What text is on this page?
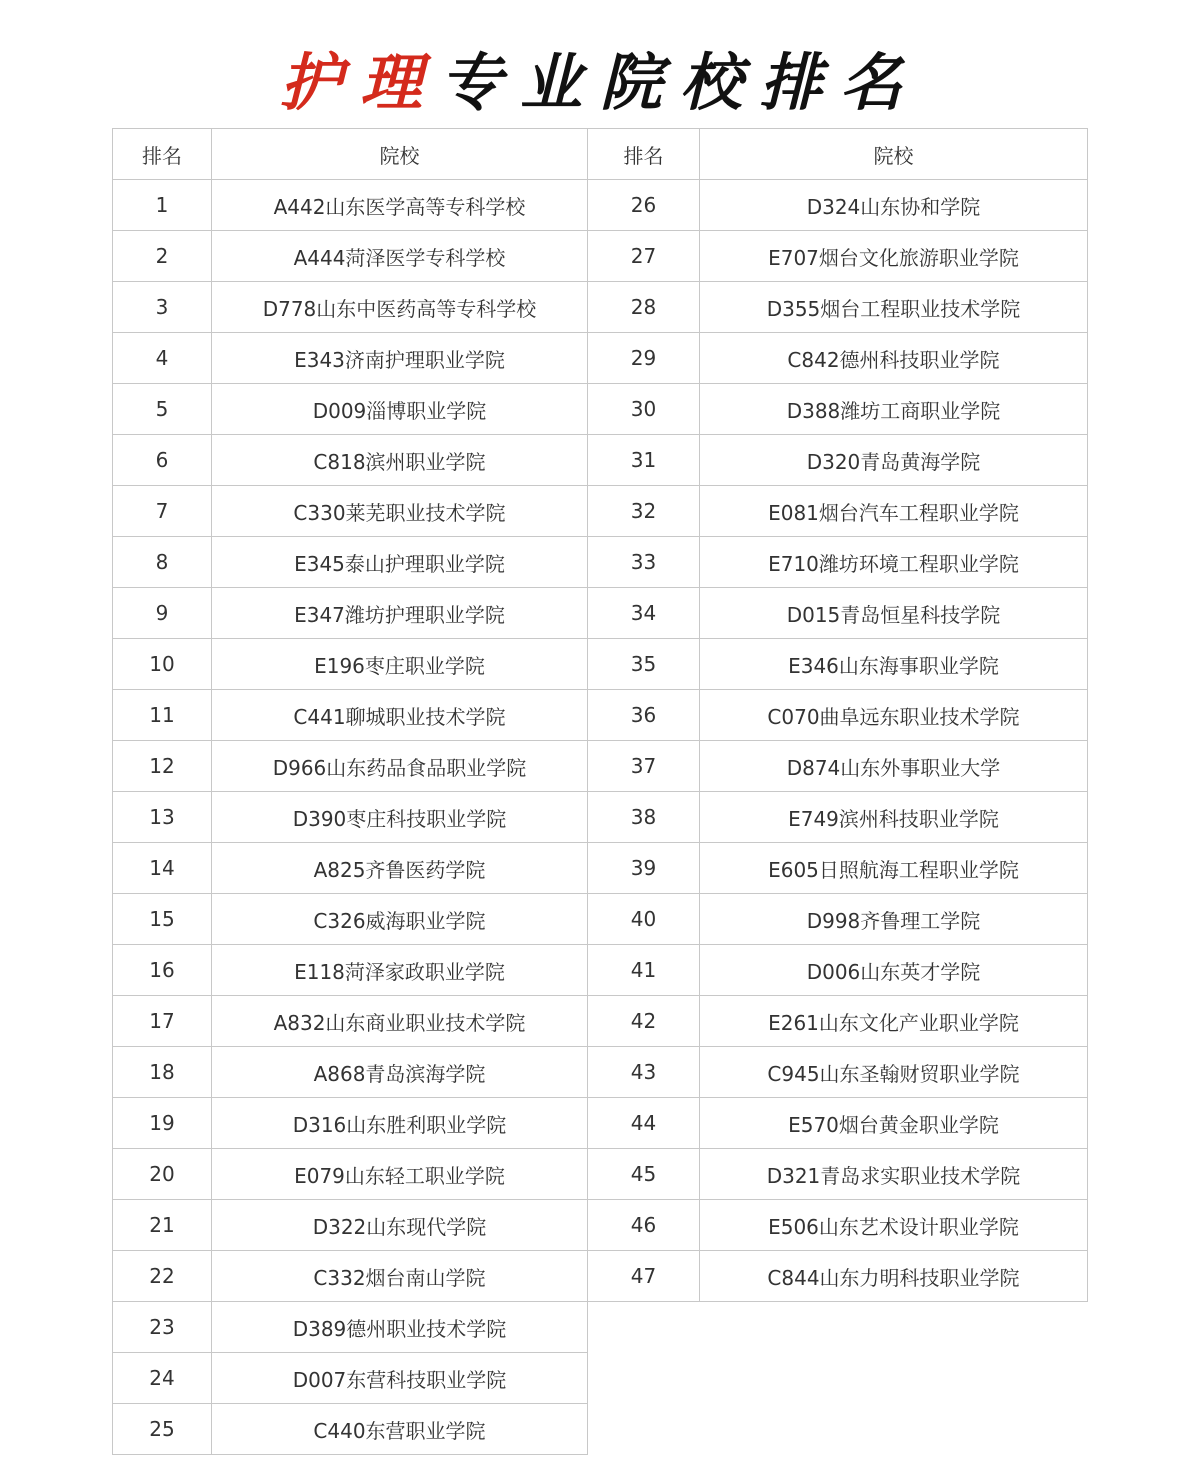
护理专业院校排名
排名	院校	排名	院校
1	A442山东医学高等专科学校	26	D324山东协和学院
2	A444菏泽医学专科学校	27	E707烟台文化旅游职业学院
3	D778山东中医药高等专科学校	28	D355烟台工程职业技术学院
4	E343济南护理职业学院	29	C842德州科技职业学院
5	D009淄博职业学院	30	D388潍坊工商职业学院
6	C818滨州职业学院	31	D320青岛黄海学院
7	C330莱芜职业技术学院	32	E081烟台汽车工程职业学院
8	E345泰山护理职业学院	33	E710潍坊环境工程职业学院
9	E347潍坊护理职业学院	34	D015青岛恒星科技学院
10	E196枣庄职业学院	35	E346山东海事职业学院
11	C441聊城职业技术学院	36	C070曲阜远东职业技术学院
12	D966山东药品食品职业学院	37	D874山东外事职业大学
13	D390枣庄科技职业学院	38	E749滨州科技职业学院
14	A825齐鲁医药学院	39	E605日照航海工程职业学院
15	C326威海职业学院	40	D998齐鲁理工学院
16	E118菏泽家政职业学院	41	D006山东英才学院
17	A832山东商业职业技术学院	42	E261山东文化产业职业学院
18	A868青岛滨海学院	43	C945山东圣翰财贸职业学院
19	D316山东胜利职业学院	44	E570烟台黄金职业学院
20	E079山东轻工职业学院	45	D321青岛求实职业技术学院
21	D322山东现代学院	46	E506山东艺术设计职业学院
22	C332烟台南山学院	47	C844山东力明科技职业学院
23	D389德州职业技术学院		
24	D007东营科技职业学院		
25	C440东营职业学院		
